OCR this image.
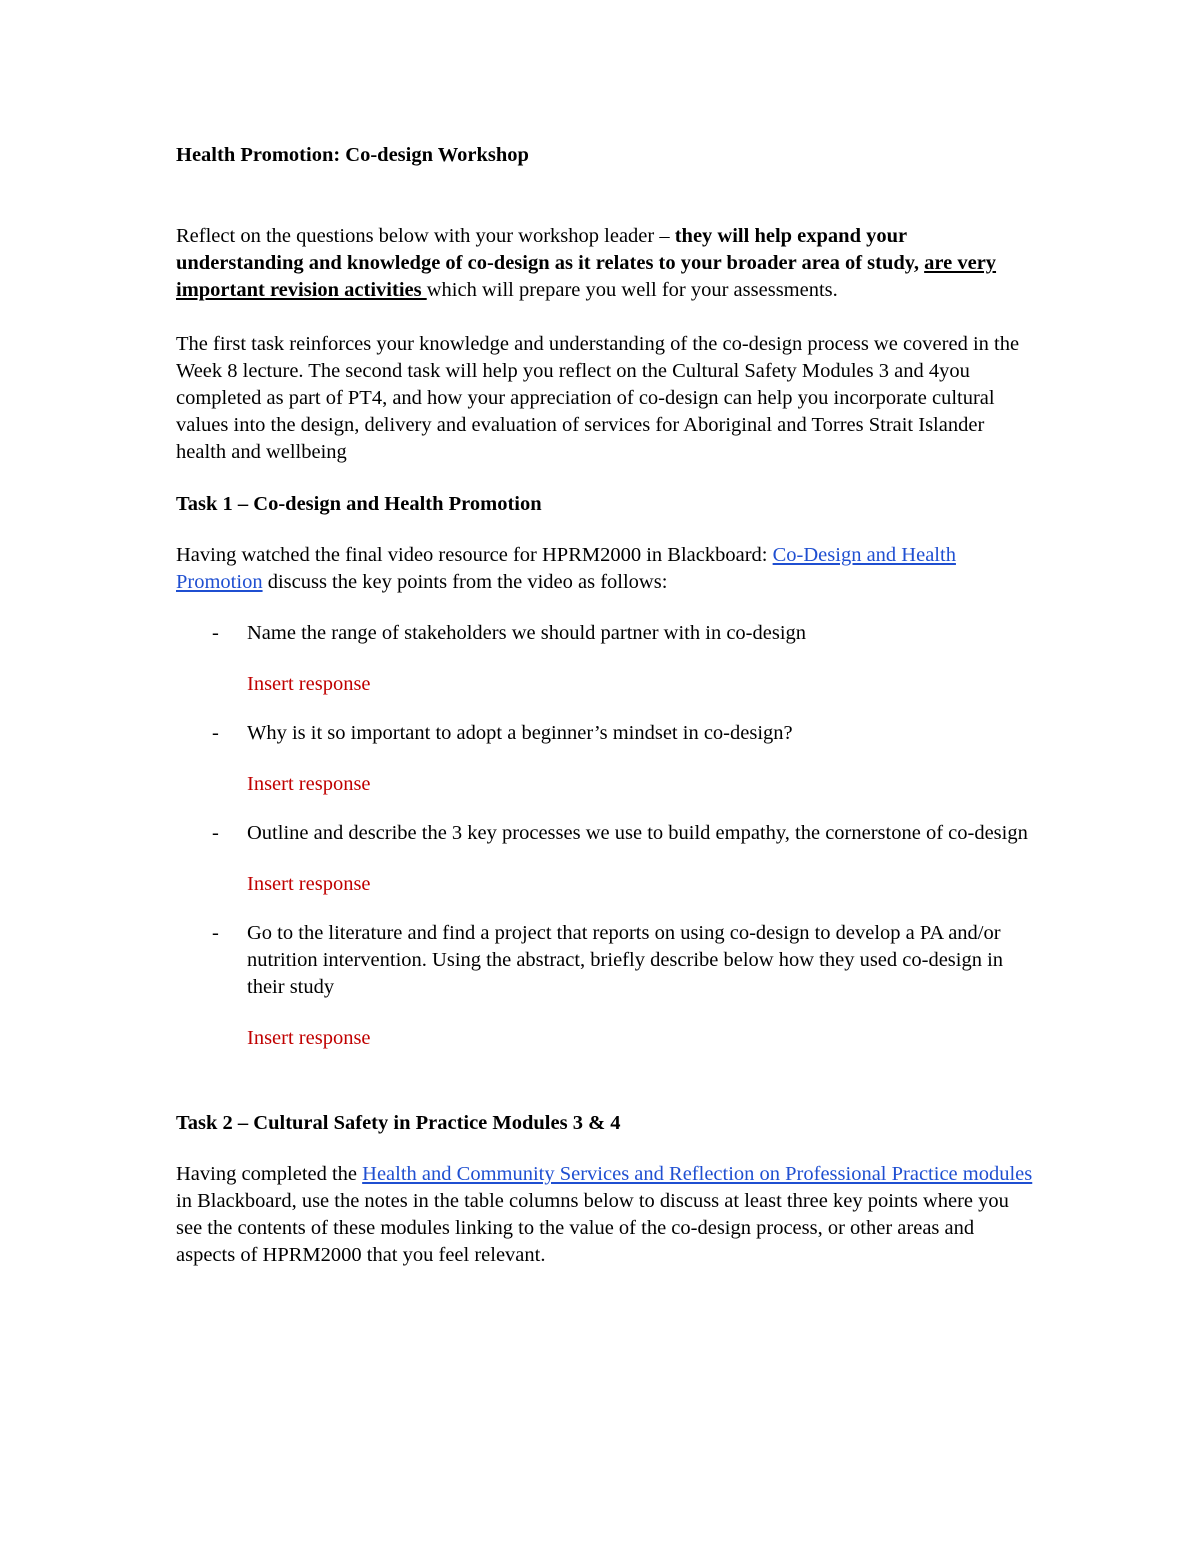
Health Promotion: Co-design Workshop

Reflect on the questions below with your workshop leader – they will help expand your understanding and knowledge of co-design as it relates to your broader area of study, are very important revision activities which will prepare you well for your assessments.

The first task reinforces your knowledge and understanding of the co-design process we covered in the Week 8 lecture. The second task will help you reflect on the Cultural Safety Modules 3 and 4you completed as part of PT4, and how your appreciation of co-design can help you incorporate cultural values into the design, delivery and evaluation of services for Aboriginal and Torres Strait Islander health and wellbeing

Task 1 – Co-design and Health Promotion

Having watched the final video resource for HPRM2000 in Blackboard: Co-Design and Health Promotion discuss the key points from the video as follows:

- Name the range of stakeholders we should partner with in co-design
Insert response
- Why is it so important to adopt a beginner’s mindset in co-design?
Insert response
- Outline and describe the 3 key processes we use to build empathy, the cornerstone of co-design
Insert response
- Go to the literature and find a project that reports on using co-design to develop a PA and/or nutrition intervention. Using the abstract, briefly describe below how they used co-design in their study
Insert response

Task 2 – Cultural Safety in Practice Modules 3 & 4

Having completed the Health and Community Services and Reflection on Professional Practice modules in Blackboard, use the notes in the table columns below to discuss at least three key points where you see the contents of these modules linking to the value of the co-design process, or other areas and aspects of HPRM2000 that you feel relevant.
